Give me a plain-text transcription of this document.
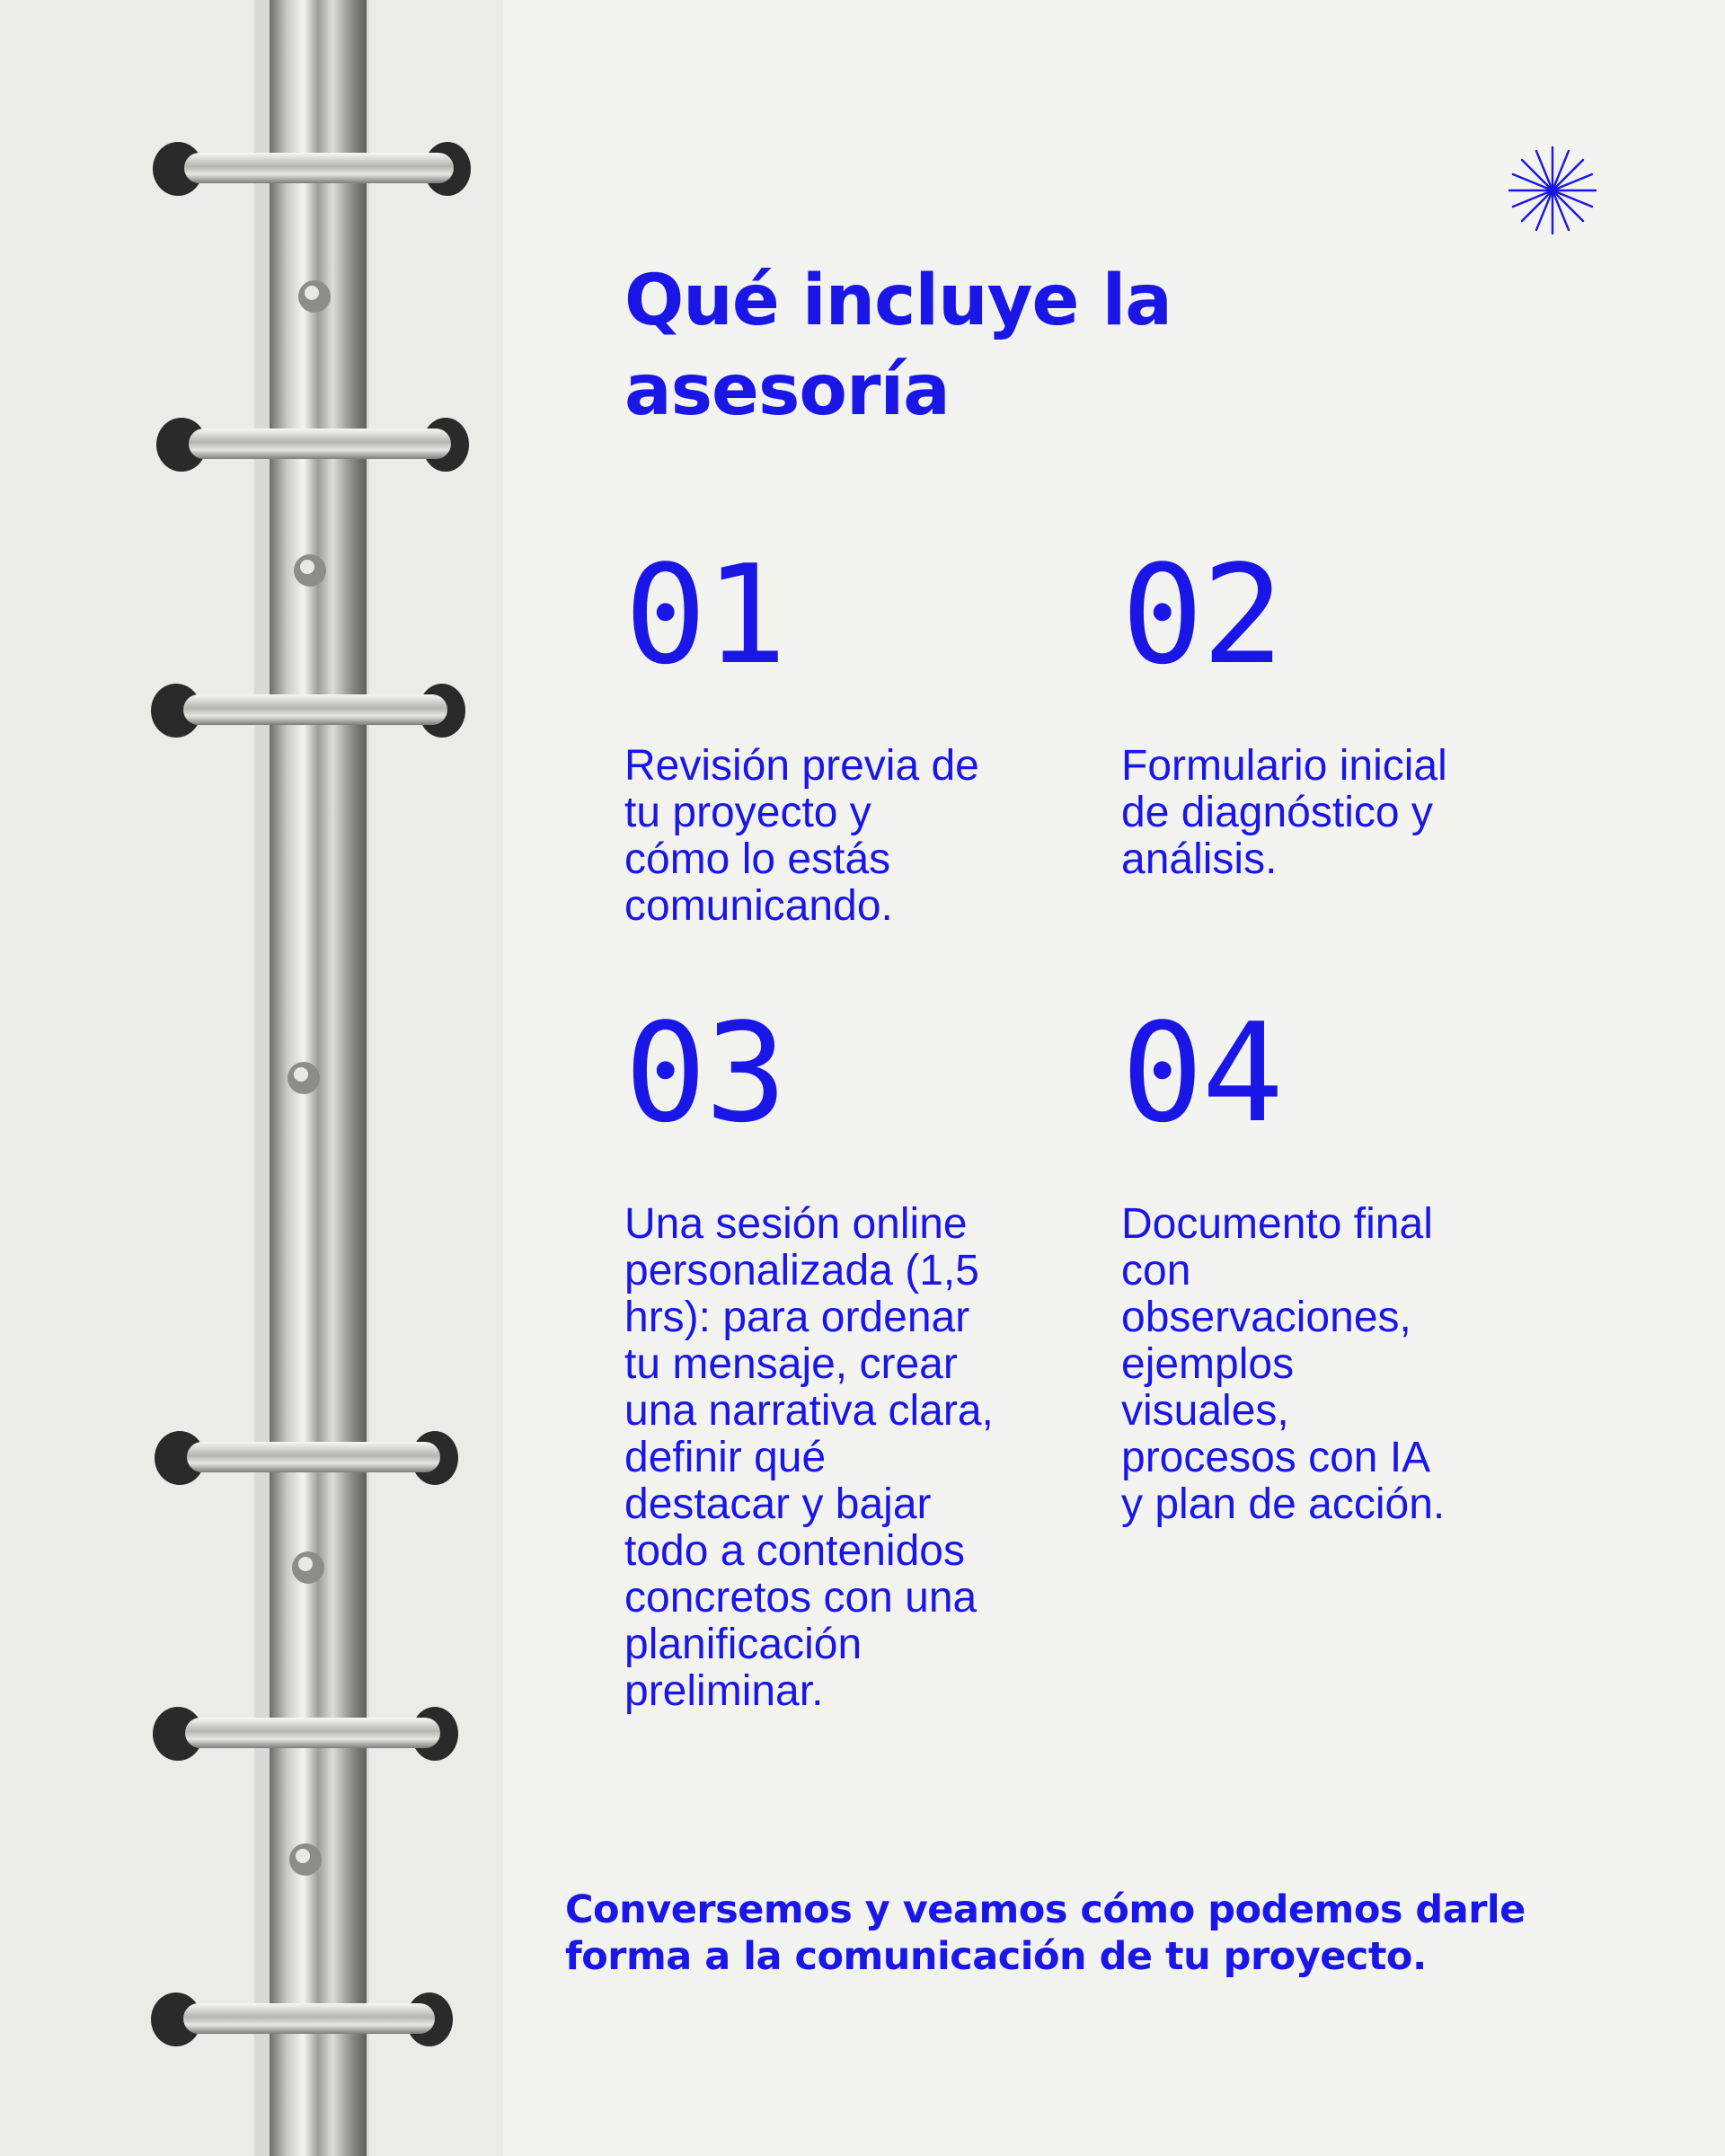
Qué incluye la asesoría
01
Revisión previa de
tu proyecto y
cómo lo estás
comunicando.
02
Formulario inicial
de diagnóstico y
análisis.
03
Una sesión online
personalizada (1,5
hrs): para ordenar
tu mensaje, crear
una narrativa clara,
definir qué
destacar y bajar
todo a contenidos
concretos con una
planificación
preliminar.
04
Documento final
con
observaciones,
ejemplos
visuales,
procesos con IA
y plan de acción.

Conversemos y veamos cómo podemos darle
forma a la comunicación de tu proyecto.
